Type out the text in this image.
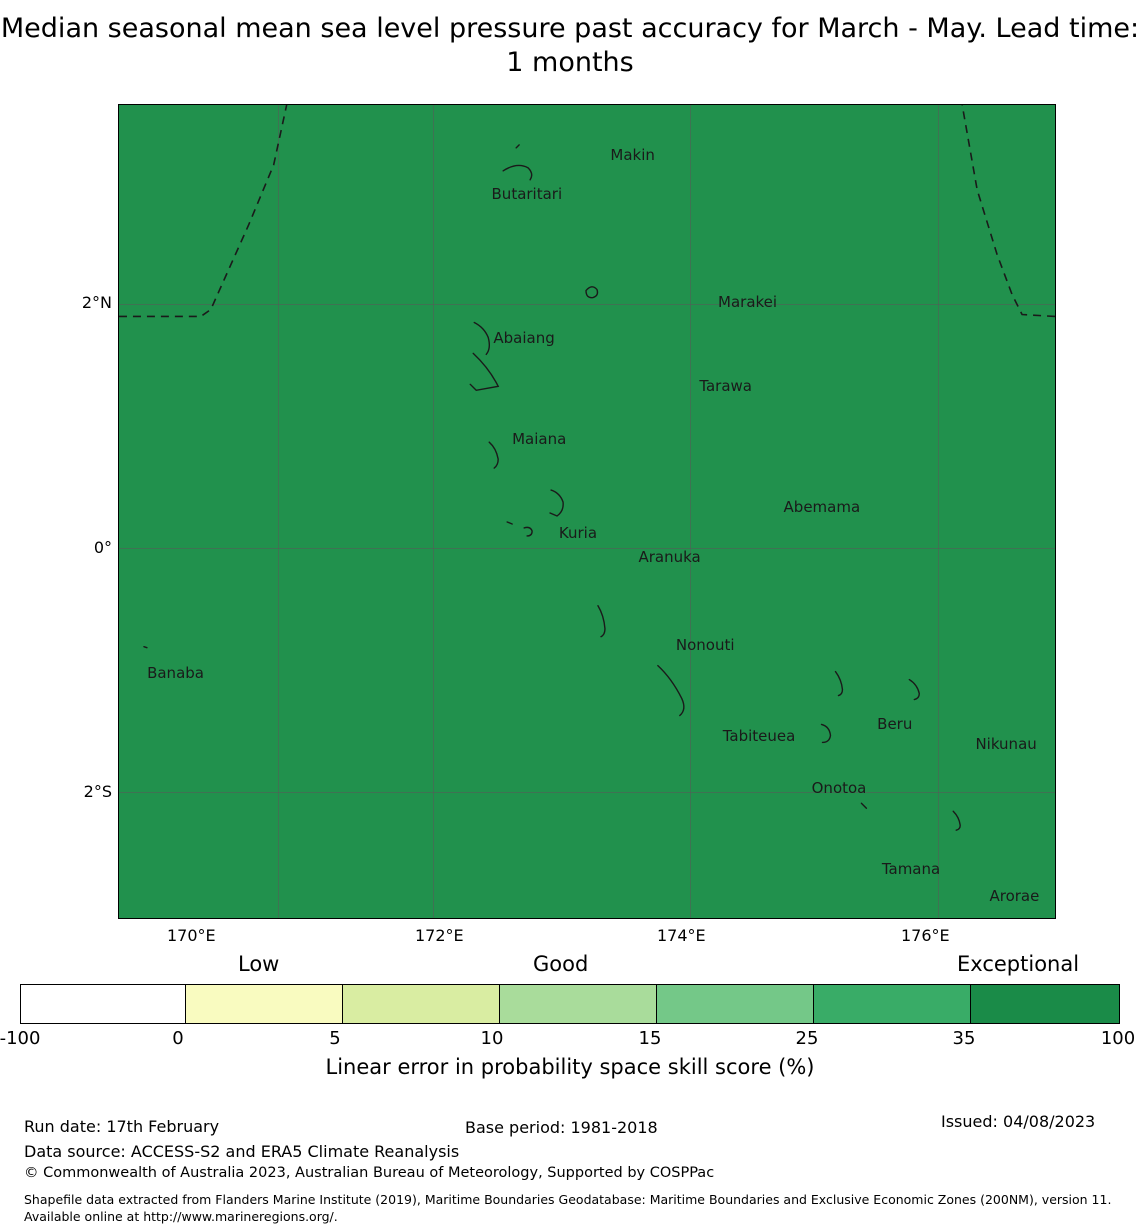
Median seasonal mean sea level pressure past accuracy for March - May. Lead time: 1 months
Makin
Butaritari
Marakei
Abaiang
Tarawa
Maiana
Abemama
Kuria
Aranuka
Nonouti
Banaba
Beru
Tabiteuea	Nikunau
Onotoa
Tamana
Arorae
2°N
0°
2°S
170°E	172°E	174°E	176°E
Low	Good	Exceptional
-100	0	5	10	15	25	35	100
Linear error in probability space skill score (%)
Run date: 17th February	Base period: 1981-2018	Issued: 04/08/2023
Data source: ACCESS-S2 and ERA5 Climate Reanalysis
© Commonwealth of Australia 2023, Australian Bureau of Meteorology, Supported by COSPPac
Shapefile data extracted from Flanders Marine Institute (2019), Maritime Boundaries Geodatabase: Maritime Boundaries and Exclusive Economic Zones (200NM), version 11. Available online at http://www.marineregions.org/.
